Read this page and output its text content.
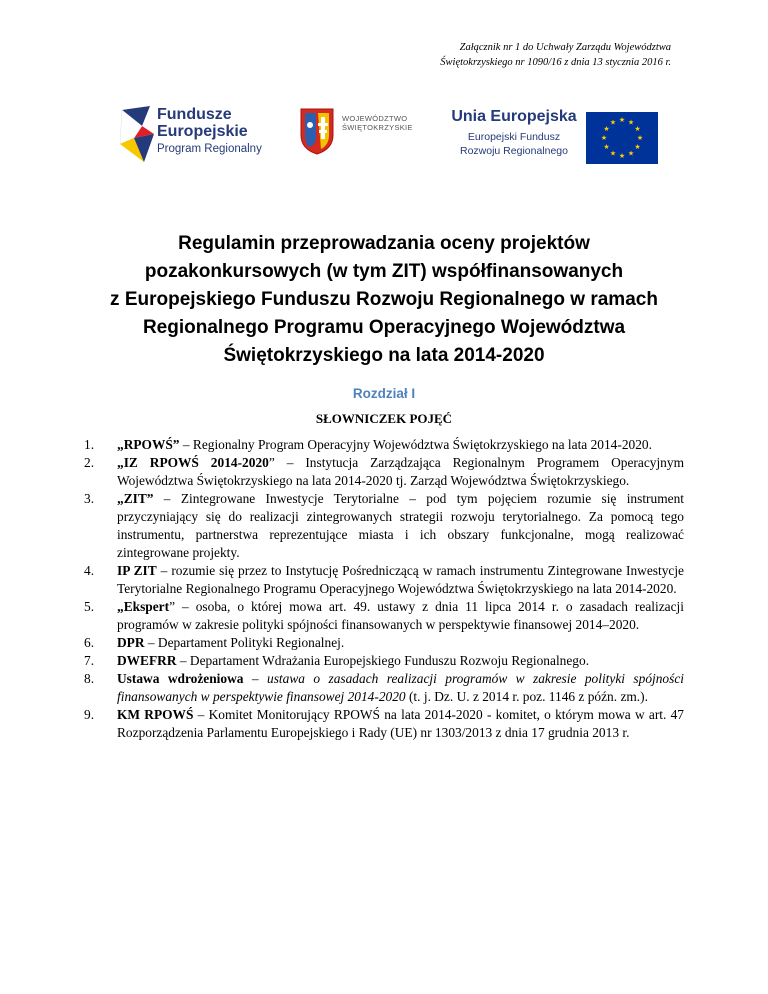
Załącznik nr 1 do Uchwały Zarządu Województwa
Świętokrzyskiego nr 1090/16 z dnia 13 stycznia 2016 r.
Fundusze
Europejskie
Program Regionalny
WOJEWÓDZTWO
ŚWIĘTOKRZYSKIE
Unia Europejska
Europejski Fundusz
Rozwoju Regionalnego
★ ★
★
★
★
★
★
★
★
★
★
★
Regulamin przeprowadzania oceny projektów
pozakonkursowych (w tym ZIT) współfinansowanych
z Europejskiego Funduszu Rozwoju Regionalnego w ramach
Regionalnego Programu Operacyjnego Województwa
Świętokrzyskiego na lata 2014-2020
Rozdział I
SŁOWNICZEK POJĘĆ
1. „RPOWŚ” – Regionalny Program Operacyjny Województwa Świętokrzyskiego na lata 2014-2020.
2. „IZ RPOWŚ 2014-2020” – Instytucja Zarządzająca Regionalnym Programem Operacyjnym Województwa Świętokrzyskiego na lata 2014-2020 tj. Zarząd Województwa Świętokrzyskiego.
3. „ZIT” – Zintegrowane Inwestycje Terytorialne – pod tym pojęciem rozumie się instrument przyczyniający się do realizacji zintegrowanych strategii rozwoju terytorialnego. Za pomocą tego instrumentu, partnerstwa reprezentujące miasta i ich obszary funkcjonalne, mogą realizować zintegrowane projekty.
4. IP ZIT – rozumie się przez to Instytucję Pośredniczącą w ramach instrumentu Zintegrowane Inwestycje Terytorialne Regionalnego Programu Operacyjnego Województwa Świętokrzyskiego na lata 2014-2020.
5. „Ekspert” – osoba, o której mowa art. 49. ustawy z dnia 11 lipca 2014 r. o zasadach realizacji programów w zakresie polityki spójności finansowanych w perspektywie finansowej 2014–2020.
6. DPR – Departament Polityki Regionalnej.
7. DWEFRR – Departament Wdrażania Europejskiego Funduszu Rozwoju Regionalnego.
8. Ustawa wdrożeniowa – ustawa o zasadach realizacji programów w zakresie polityki spójności finansowanych w perspektywie finansowej 2014-2020 (t. j. Dz. U. z 2014 r. poz. 1146 z późn. zm.).
9. KM RPOWŚ – Komitet Monitorujący RPOWŚ na lata 2014-2020 - komitet, o którym mowa w art. 47 Rozporządzenia Parlamentu Europejskiego i Rady (UE) nr 1303/2013 z dnia 17 grudnia 2013 r.
